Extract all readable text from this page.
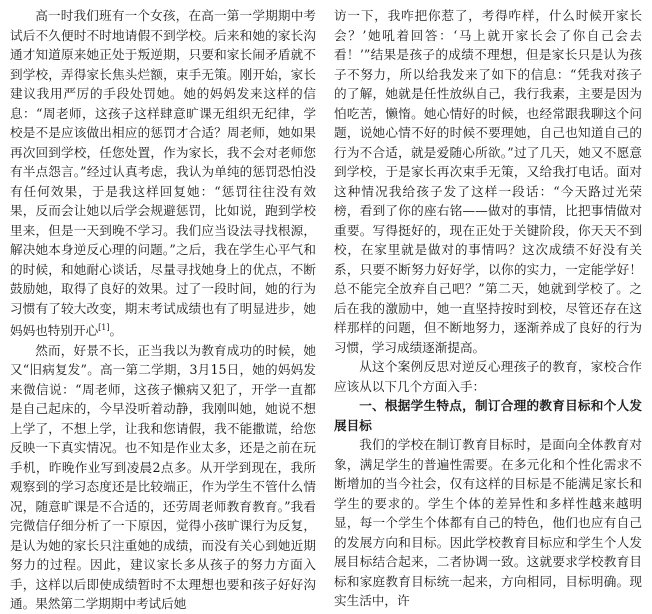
高一时我们班有一个女孩，在高一第一学期期中考试后不久便时不时地请假不到学校。后来和她的家长沟通才知道原来她正处于叛逆期，只要和家长闹矛盾就不到学校，弄得家长焦头烂额，束手无策。刚开始，家长建议我用严厉的手段处罚她。她的妈妈发来这样的信息：“周老师，这孩子这样肆意旷课无组织无纪律，学校是不是应该做出相应的惩罚才合适？周老师，她如果再次回到学校，任您处置，作为家长，我不会对老师您有半点怨言。”经过认真考虑，我认为单纯的惩罚恐怕没有任何效果，于是我这样回复她：“惩罚往往没有效果，反而会让她以后学会规避惩罚，比如说，跑到学校里来，但是一天到晚不学习。我们应当设法寻找根源，解决她本身逆反心理的问题。”之后，我在学生心平气和的时候，和她耐心谈话，尽量寻找她身上的优点，不断鼓励她，取得了良好的效果。过了一段时间，她的行为习惯有了较大改变，期末考试成绩也有了明显进步，她妈妈也特别开心[1]。

然而，好景不长，正当我以为教育成功的时候，她又“旧病复发”。高一第二学期，3月15日，她的妈妈发来微信说：“周老师，这孩子懒病又犯了，开学一直都是自己起床的，今早没听着动静，我刚叫她，她说不想上学了，不想上学，让我和您请假，我不能撒谎，给您反映一下真实情况。也不知是作业太多，还是之前在玩手机，昨晚作业写到凌晨2点多。从开学到现在，我所观察到的学习态度还是比较端正，作为学生不管什么情况，随意旷课是不合适的，还劳周老师教育教育。”我看完微信仔细分析了一下原因，觉得小孩旷课行为反复，是认为她的家长只注重她的成绩，而没有关心到她近期努力的过程。因此，建议家长多从孩子的努力方面入手，这样以后即使成绩暂时不太理想也要和孩子好好沟通。果然第二学期期中考试后她

访一下，我咋把你惹了，考得咋样，什么时候开家长会？’她吼着回答：‘马上就开家长会了你自己会去看！’”结果是孩子的成绩不理想，但是家长只是认为孩子不努力，所以给我发来了如下的信息：“凭我对孩子的了解，她就是任性放纵自己，我行我素，主要是因为怕吃苦，懒惰。她心情好的时候，也经常跟我聊这个问题，说她心情不好的时候不要理她，自己也知道自己的行为不合适，就是爱随心所欲。”过了几天，她又不愿意到学校，于是家长再次束手无策，又给我打电话。面对这种情况我给孩子发了这样一段话：“今天路过光荣榜，看到了你的座右铭——做对的事情，比把事情做对重要。写得挺好的，现在正处于关键阶段，你天天不到校，在家里就是做对的事情吗？这次成绩不好没有关系，只要不断努力好好学，以你的实力，一定能学好！总不能完全放弃自己吧？”第二天，她就到学校了。之后在我的激励中，她一直坚持按时到校，尽管还存在这样那样的问题，但不断地努力，逐渐养成了良好的行为习惯，学习成绩逐渐提高。

从这个案例反思对逆反心理孩子的教育，家校合作应该从以下几个方面入手：

一、根据学生特点，制订合理的教育目标和个人发展目标

我们的学校在制订教育目标时，是面向全体教育对象，满足学生的普遍性需要。在多元化和个性化需求不断增加的当今社会，仅有这样的目标是不能满足家长和学生的要求的。学生个体的差异性和多样性越来越明显，每一个学生个体都有自己的特色，他们也应有自己的发展方向和目标。因此学校教育目标应和学生个人发展目标结合起来，二者协调一致。这就要求学校教育目标和家庭教育目标统一起来，方向相同，目标明确。现实生活中，许
